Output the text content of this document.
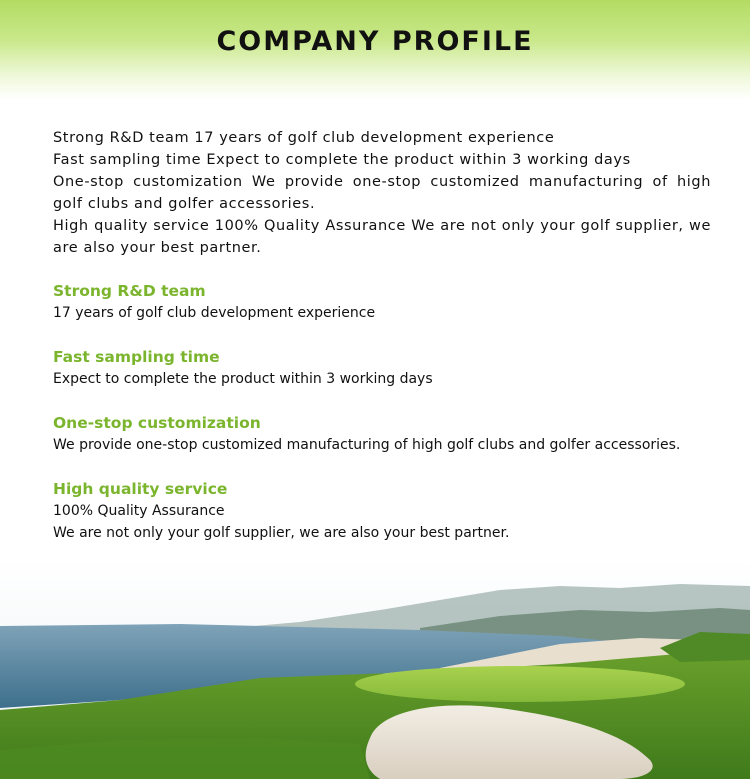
COMPANY PROFILE

Strong R&D team 17 years of golf club development experience

Fast sampling time Expect to complete the product within 3 working days

One-stop customization We provide one-stop customized manufacturing of high golf clubs and golfer accessories.

High quality service 100% Quality Assurance We are not only your golf supplier, we are also your best partner.

Strong R&D team

17 years of golf club development experience

Fast sampling time

Expect to complete the product within 3 working days

One-stop customization

We provide one-stop customized manufacturing of high golf clubs and golfer accessories.

High quality service

100% Quality Assurance

We are not only your golf supplier, we are also your best partner.
